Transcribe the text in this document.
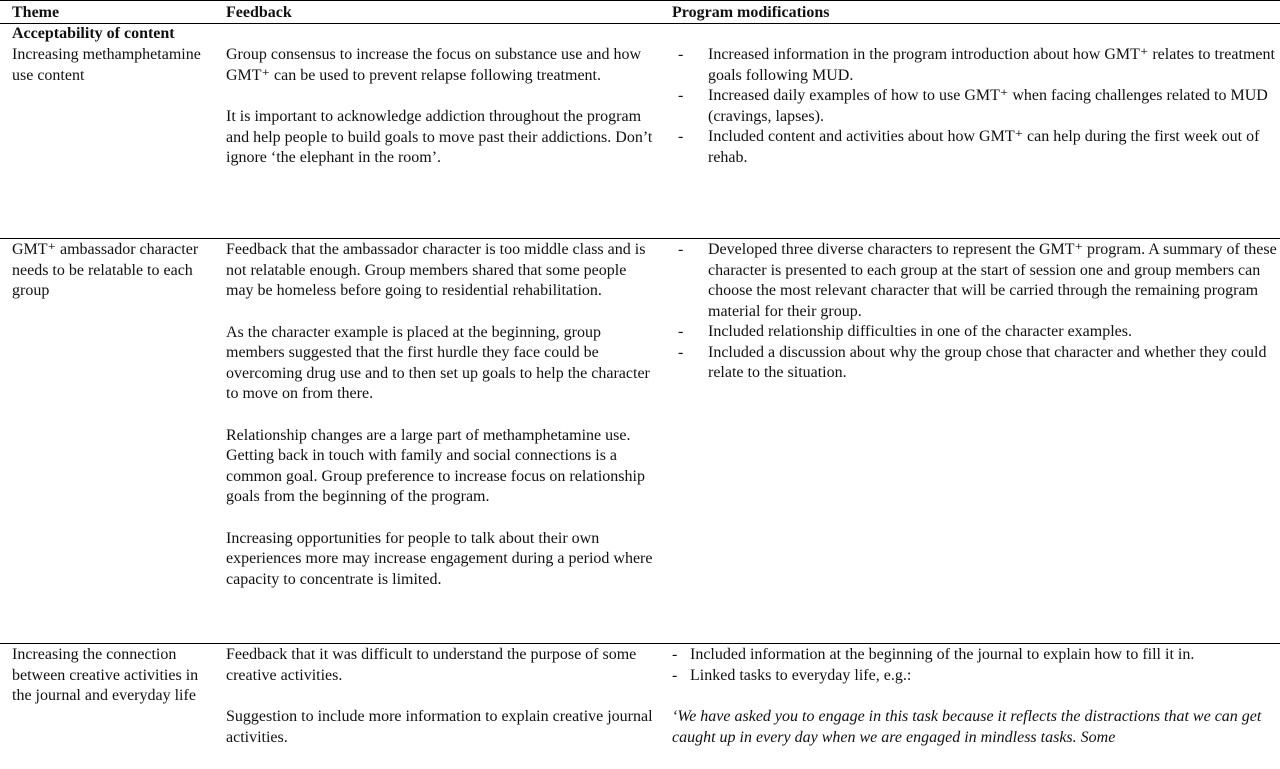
Theme	Feedback	Program modifications
Acceptability of content
Increasing methamphetamine use content

Group consensus to increase the focus on substance use and how GMT⁺ can be used to prevent relapse following treatment.

It is important to acknowledge addiction throughout the program and help people to build goals to move past their addictions. Don’t ignore ‘the elephant in the room’.

- Increased information in the program introduction about how GMT⁺ relates to treatment goals following MUD.
- Increased daily examples of how to use GMT⁺ when facing challenges related to MUD (cravings, lapses).
- Included content and activities about how GMT⁺ can help during the first week out of rehab.
GMT⁺ ambassador character needs to be relatable to each group

Feedback that the ambassador character is too middle class and is not relatable enough. Group members shared that some people may be homeless before going to residential rehabilitation.

As the character example is placed at the beginning, group members suggested that the first hurdle they face could be overcoming drug use and to then set up goals to help the character to move on from there.

Relationship changes are a large part of methamphetamine use. Getting back in touch with family and social connections is a common goal. Group preference to increase focus on relationship goals from the beginning of the program.

Increasing opportunities for people to talk about their own experiences more may increase engagement during a period where capacity to concentrate is limited.

- Developed three diverse characters to represent the GMT⁺ program. A summary of these character is presented to each group at the start of session one and group members can choose the most relevant character that will be carried through the remaining program material for their group.
- Included relationship difficulties in one of the character examples.
- Included a discussion about why the group chose that character and whether they could relate to the situation.
Increasing the connection between creative activities in the journal and everyday life

Feedback that it was difficult to understand the purpose of some creative activities.

Suggestion to include more information to explain creative journal activities.

- Included information at the beginning of the journal to explain how to fill it in.
- Linked tasks to everyday life, e.g.:
‘We have asked you to engage in this task because it reflects the distractions that we can get caught up in every day when we are engaged in mindless tasks. Some
